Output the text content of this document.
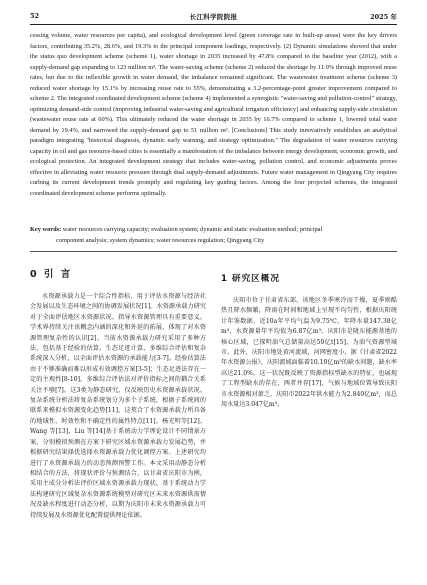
52	长江科学院院报	2025 年

cessing volume, water resources per capita), and ecological development level (green coverage rate in built-up areas) were the key drivers factors, contributing 35.2%, 28.6%, and 19.3% to the principal component loadings, respectively. (2) Dynamic simulations showed that under the status quo development scheme (scheme 1), water shortage in 2035 increased by 47.8% compared to the baseline year (2012), with a supply-demand gap expanding to 123 million m³. The water-saving scheme (scheme 2) reduced the shortage by 11.9% through improved reuse rates, but due to the inflexible growth in water demand, the imbalance remained significant. The wastewater treatment scheme (scheme 3) reduced water shortage by 15.1% by increasing reuse rate to 55%, demonstrating a 3.2-percentage-point greater improvement compared to scheme 2. The integrated coordinated development scheme (scheme 4) implemented a synergistic "water-saving and pollution-control" strategy, optimizing demand-side control (improving industrial water-saving and agricultural irrigation efficiency) and enhancing supply-side circulation (wastewater reuse rate at 60%). This ultimately reduced the water shortage in 2035 by 16.7% compared to scheme 1, lowered total water demand by 19.4%, and narrowed the supply-demand gap to 51 million m³. [Conclusions] This study innovatively establishes an analytical paradigm integrating "historical diagnosis, dynamic early warning, and strategy optimization." The degradation of water resources carrying capacity in oil and gas resource-based cities is essentially a manifestation of the imbalance between energy development, economic growth, and ecological protection. An integrated development strategy that includes water-saving, pollution control, and economic adjustments proves effective in alleviating water resource pressure through dual supply-demand adjustments. Future water management in Qingyang City requires curbing its current development trends promptly and regulating key guiding factors. Among the four projected schemes, the integrated coordinated development scheme performs optimally.

Key words: water resources carrying capacity; evaluation system; dynamic and static evaluation method; principal
component analysis; system dynamics; water resources regulation; Qingyang City
0 引 言

水资源承载力是一个综合性指标，用于评估水资源与经济社会发展以及生态环境之间的协调发展状况[1]。水资源承载力研究对于全面评估地区水资源状况、指导水资源管理具有重要意义。学术界持续关注该概念内涵的深化和外延的拓展，体现了对水资源管理复杂性的认识[2]。当前水资源承载力研究采用了多种方法，包括基于经验的估算、生态足迹计算、多维综合评估和复杂系统深入分析，以全面评估水资源的承载能力[3-7]。经验估算法由于不够准确而难以形成有效调控方案[3-5]；生态足迹法存在一定的主观性[8-10]，多维综合评估法对评价指标之间的耦合关系关注不够[7]。这3类为静态研究，仅反映历史水资源承载状况。复杂系统分析法将复杂系统划分为多个子系统，根据子系统间的联系来模拟水资源变化趋势[11]，这契合了水资源承载力所具备的地域性、时效性和不确定性的属性特点[11]。杨光明等[12]、Wang 等[13]、Liu 等[14]基于系统动力学理论设计不同情景方案，分别模拟预测在方案下研究区域水资源承载力发展趋势，并根据研究结果择优选择水资源承载力优化调控方案。上述研究均进行了水资源承载力的动态预测预警工作。本文采用动静态分析相结合的方法，将现状评价与预测结合，以甘肃省庆阳市为例，采用主成分分析法评价区域水资源承载力现状，基于系统动力学法构建研究区域复杂水资源系统模型对研究区未来水资源供需情况及缺水程度进行动态分析，以期为庆阳市未来水资源承载力可持续发展及水资源优化配置提供理论依据。

1 研究区概况

庆阳市位于甘肃省东部，该地区冬季寒冷而干燥，夏季则酷热且降水频繁，降雨在时间和地域上呈现不均匀性，根据庆阳统计年鉴数据，近10a年平均气温为9.75℃，年降水量147.38亿m³，水资源量年平均值为6.87亿m³。庆阳市是陇东能源基地的核心区域，已探明油气总储量高达50亿t[15]，为油气资源型城市。此外，庆阳市地处黄河流域，河网密度小，据《甘肃省2022年水资源公报》，庆阳流域面临着10.10亿m³的缺水问题，缺水率高达21.0%，这一状况既反映了资源指标型缺水的特征，也展现了工程型缺水的存在，两者并存[17]，气候与地域位置导致庆阳市水资源相对萧乏。庆阳市2022年供水能力为2.840亿m³，而总用水量达3.047亿m³。
